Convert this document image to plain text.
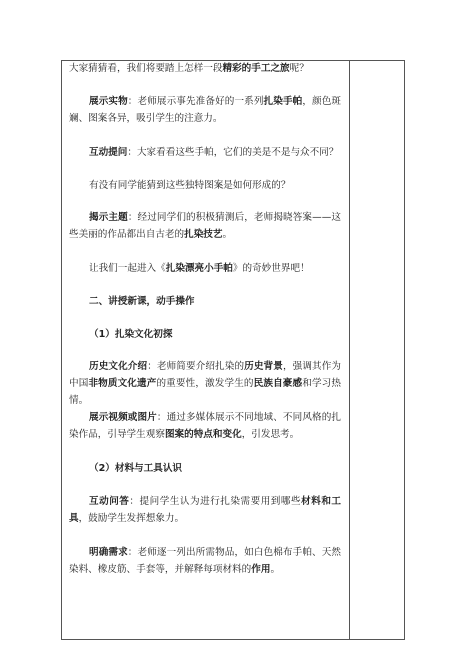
大家猜猜看，我们将要踏上怎样一段精彩的手工之旅呢？

展示实物：老师展示事先准备好的一系列扎染手帕，颜色斑斓、图案各异，吸引学生的注意力。

互动提问：大家看看这些手帕，它们的美是不是与众不同？

有没有同学能猜到这些独特图案是如何形成的？

揭示主题：经过同学们的积极猜测后，老师揭晓答案——这些美丽的作品都出自古老的扎染技艺。

让我们一起进入《扎染漂亮小手帕》的奇妙世界吧！

二、讲授新课，动手操作

（1）扎染文化初探

历史文化介绍：老师简要介绍扎染的历史背景，强调其作为中国非物质文化遗产的重要性，激发学生的民族自豪感和学习热情。

展示视频或图片：通过多媒体展示不同地域、不同风格的扎染作品，引导学生观察图案的特点和变化，引发思考。

（2）材料与工具认识

互动问答：提问学生认为进行扎染需要用到哪些材料和工具，鼓励学生发挥想象力。

明确需求：老师逐一列出所需物品，如白色棉布手帕、天然染料、橡皮筋、手套等，并解释每项材料的作用。
